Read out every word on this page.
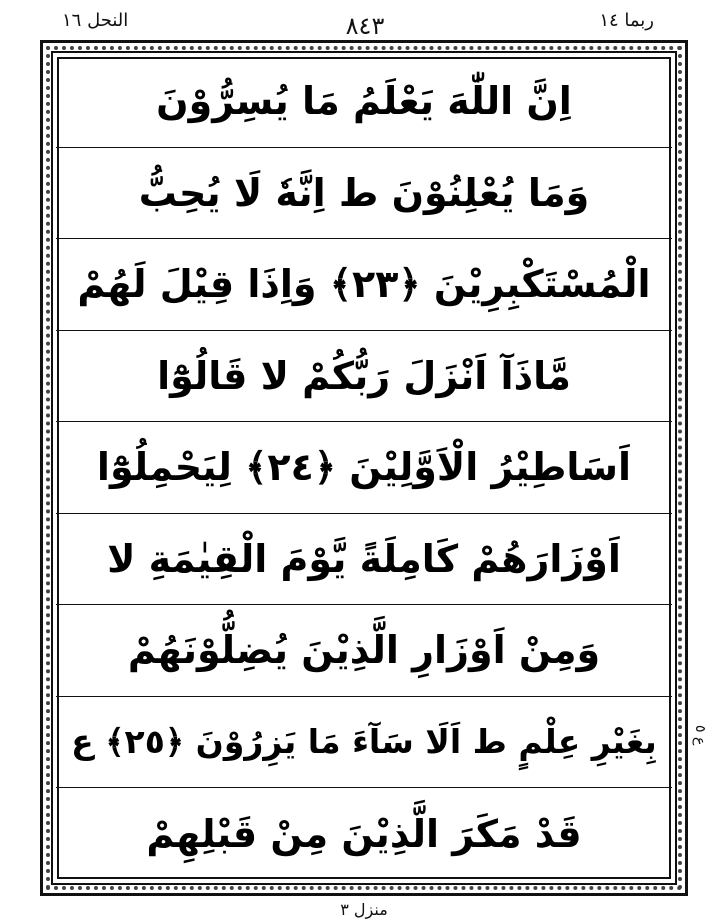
النحل ١٦	٨٤٣	ربما ١٤
اِنَّ اللّٰهَ يَعْلَمُ مَا يُسِرُّوْنَ
وَمَا يُعْلِنُوْنَ ط اِنَّهٗ لَا يُحِبُّ
الْمُسْتَكْبِرِيْنَ ﴿٢٣﴾ وَاِذَا قِيْلَ لَهُمْ
مَّاذَآ اَنْزَلَ رَبُّكُمْ لا قَالُوْٓا
اَسَاطِيْرُ الْاَوَّلِيْنَ ﴿٢٤﴾ لِيَحْمِلُوْٓا
اَوْزَارَهُمْ كَامِلَةً يَّوْمَ الْقِيٰمَةِ لا
وَمِنْ اَوْزَارِ الَّذِيْنَ يُضِلُّوْنَهُمْ
بِغَيْرِ عِلْمٍ ط اَلَا سَآءَ مَا يَزِرُوْنَ ﴿٢٥﴾ ع
قَدْ مَكَرَ الَّذِيْنَ مِنْ قَبْلِهِمْ
ع ٥
منزل ٣
